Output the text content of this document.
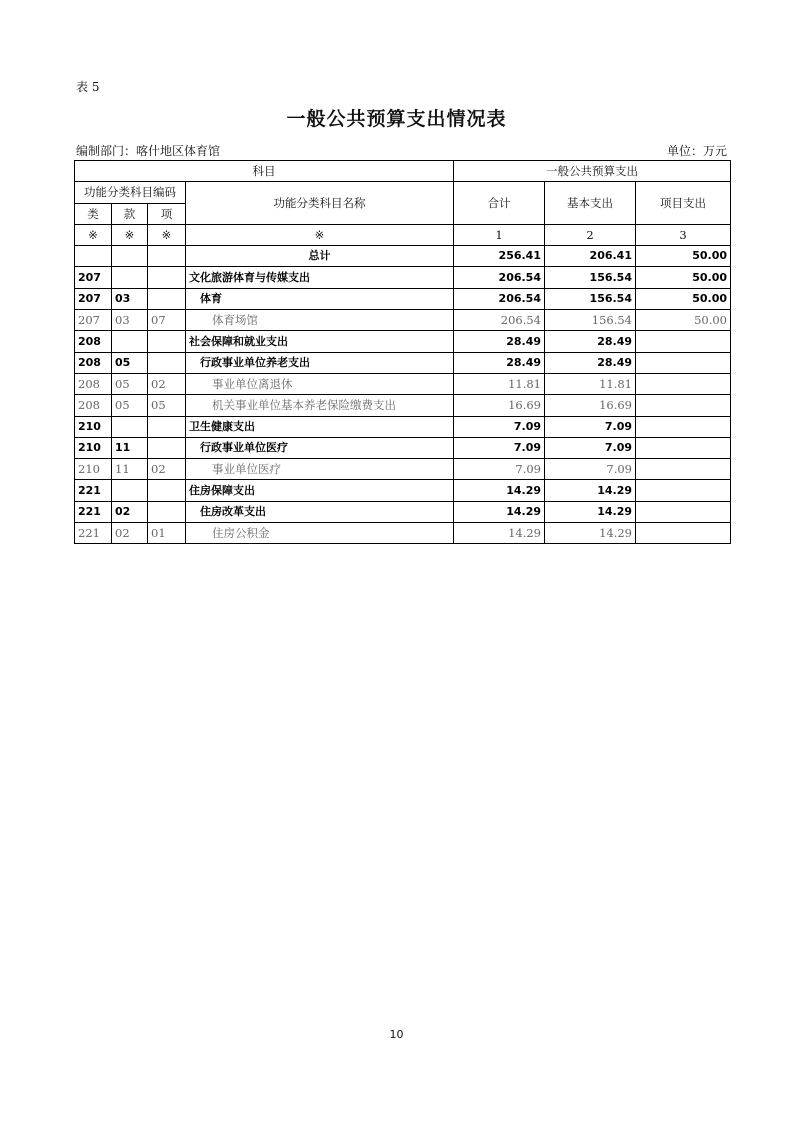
表 5
一般公共预算支出情况表
编制部门：喀什地区体育馆	单位：万元
科目				一般公共预算支出		
功能分类科目编码			功能分类科目名称	合计	基本支出	项目支出
类	款	项				
※	※	※	※	1	2	3
			总计	256.41	206.41	50.00
207			文化旅游体育与传媒支出	206.54	156.54	50.00
207	03		体育	206.54	156.54	50.00
207	03	07	体育场馆	206.54	156.54	50.00
208			社会保障和就业支出	28.49	28.49	
208	05		行政事业单位养老支出	28.49	28.49	
208	05	02	事业单位离退休	11.81	11.81	
208	05	05	机关事业单位基本养老保险缴费支出	16.69	16.69	
210			卫生健康支出	7.09	7.09	
210	11		行政事业单位医疗	7.09	7.09	
210	11	02	事业单位医疗	7.09	7.09	
221			住房保障支出	14.29	14.29	
221	02		住房改革支出	14.29	14.29	
221	02	01	住房公积金	14.29	14.29	
10
